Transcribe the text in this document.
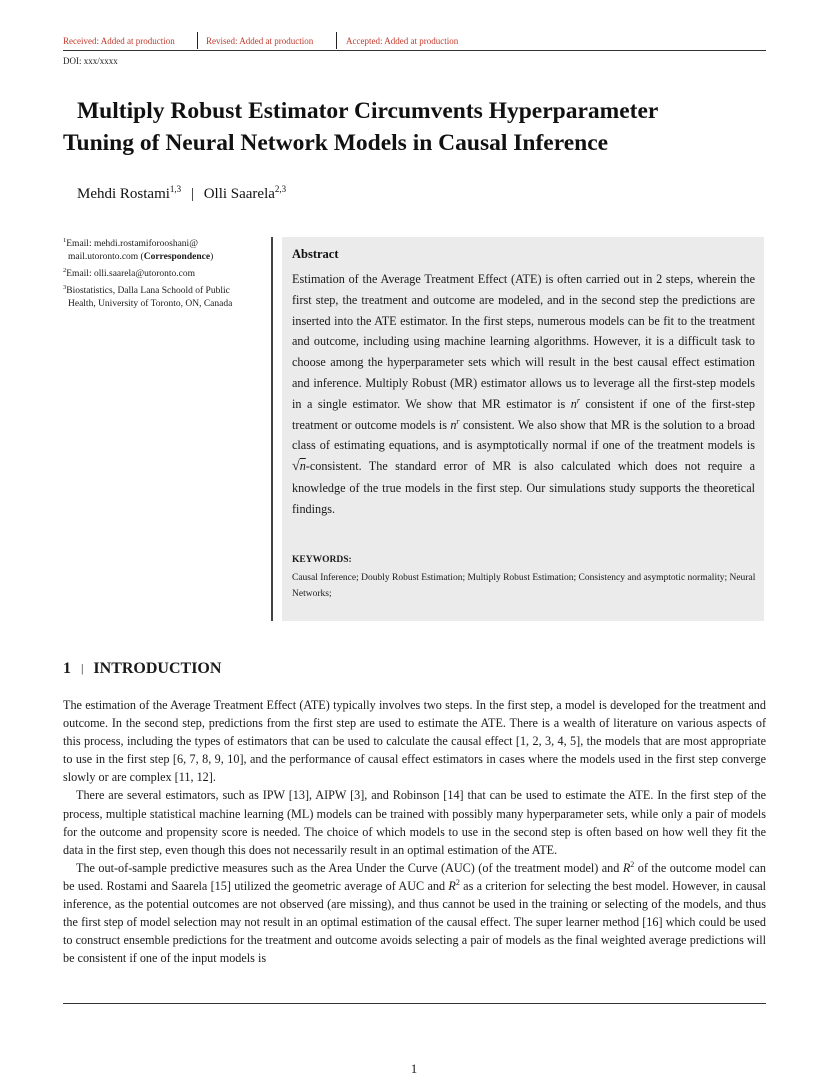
Received: Added at production	Revised: Added at production	Accepted: Added at production
DOI: xxx/xxxx
Multiply Robust Estimator Circumvents Hyperparameter
Tuning of Neural Network Models in Causal Inference
Mehdi Rostami$^{1,3}$ | Olli Saarela$^{2,3}$

$^1$Email: mehdi.rostamiforooshani@

mail.utoronto.com (Correspondence)

$^2$Email: olli.saarela@utoronto.com

$^3$Biostatistics, Dalla Lana Schoold of Public

Health, University of Toronto, ON, Canada

Abstract
Estimation of the Average Treatment Effect (ATE) is often carried out in 2 steps, wherein the first step, the treatment and outcome are modeled, and in the second step the predictions are inserted into the ATE estimator. In the first steps, numerous models can be fit to the treatment and outcome, including using machine learning algorithms. However, it is a difficult task to choose among the hyperparameter sets which will result in the best causal effect estimation and inference. Multiply Robust (MR) estimator allows us to leverage all the first-step models in a single estimator. We show that MR estimator is $n^r$ consistent if one of the first-step treatment or outcome models is $n^r$ consistent. We also show that MR is the solution to a broad class of estimating equations, and is asymptotically normal if one of the treatment models is √n-consistent. The standard error of MR is also calculated which does not require a knowledge of the true models in the first step. Our simulations study supports the theoretical findings.
KEYWORDS:
Causal Inference; Doubly Robust Estimation; Multiply Robust Estimation; Consistency and asymptotic normality; Neural Networks;
1 | INTRODUCTION

The estimation of the Average Treatment Effect (ATE) typically involves two steps. In the first step, a model is developed for the treatment and outcome. In the second step, predictions from the first step are used to estimate the ATE. There is a wealth of literature on various aspects of this process, including the types of estimators that can be used to calculate the causal effect [1, 2, 3, 4, 5], the models that are most appropriate to use in the first step [6, 7, 8, 9, 10], and the performance of causal effect estimators in cases where the models used in the first step converge slowly or are complex [11, 12].

There are several estimators, such as IPW [13], AIPW [3], and Robinson [14] that can be used to estimate the ATE. In the first step of the process, multiple statistical machine learning (ML) models can be trained with possibly many hyperparameter sets, while only a pair of models for the outcome and propensity score is needed. The choice of which models to use in the second step is often based on how well they fit the data in the first step, even though this does not necessarily result in an optimal estimation of the ATE.

The out-of-sample predictive measures such as the Area Under the Curve (AUC) (of the treatment model) and $R^2$ of the outcome model can be used. Rostami and Saarela [15] utilized the geometric average of AUC and $R^2$ as a criterion for selecting the best model. However, in causal inference, as the potential outcomes are not observed (are missing), and thus cannot be used in the training or selecting of the models, and thus the first step of model selection may not result in an optimal estimation of the causal effect. The super learner method [16] which could be used to construct ensemble predictions for the treatment and outcome avoids selecting a pair of models as the final weighted average predictions will be consistent if one of the input models is

1
